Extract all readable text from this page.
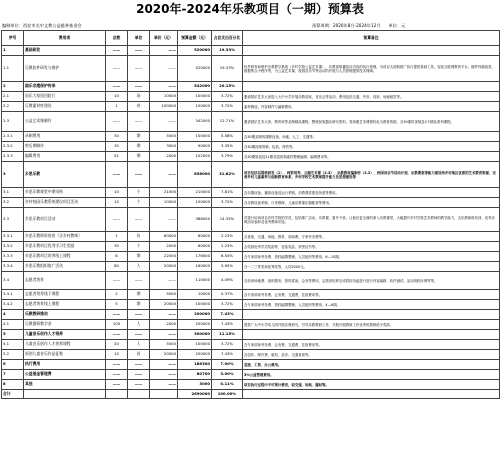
2020年-2024年乐教项目（一期）预算表
编制单位：西安市光中文教公益慈善基金会	预算周期：2020年8月-2024年12月 单位：元
序号	费用项	总数	单位	单价（元）	预算金额（元）	占总支出百分比	预算备注
1	基础研发	——	——	——	520000	19.33%	
1.1	乐教软件研发与维护	——	——	——	520000	19.33%	软件研发和维护乐教教学系统（乡村学校公益艺术课），乐教视频播放自内容的执行管理，为项目大面积推广执行提供基础工具，包括互联网教育平台、硬件终端改善，数据集合小程序等，为公益艺术课、校园音乐节等活动的开展与人员管理提供技术保障。
2	国乐非遗保护传承	——	——	——	542000	20.15%	
2.1	国乐大家找回院行	10	场	10000	100000	3.72%	邀请国乐艺术大家进入大中小学开展乐教讲座、音乐会等活动，费用包括交通、劳务、食宿、场地租赁等。
2.2	乐教素材库建设	1	项	100000	100000	3.72%	素材筛选、内容制作与编辑费用。
2.3	公益艺术课制作	——	——	——	342000	12.71%	邀请国乐艺术大家、教育家等录制精品课程，整理民族器乐研究资料，将高雅艺术课程转化为教育资源，含30课时视频及2个精品系列课程。
2.3.1	录制费用	30	期	5000	150000	5.58%	含30期录制的课程设备、场地、人工、交通等。
2.3.2	剪后期制作	30	期	3000	90000	3.35%	含30期视频剪辑、包装、特效等。
2.3.3	编辑费用	51	期	2000	102000	3.79%	含30期原创及21期非遗视频素材整理编辑、编辑费用等。
3	乡思乐教	——	——	——	856000	31.82%	项目包括以提供研发（1）、师资培养、云端艺术课（2.3）、乐教教材编制作（2.2）、校园音乐节活动计划，乐教课堂等能力建设给乡村地区优质的艺术教育资源，完善乡村儿童素养与创新教育体系，乡村学校艺术教师提升能力及思想建设等
3.1	乡思乐教课堂中期采购	10	个	21000	210000	7.81%	含乐器设备、播放设备及运行采购，乐教课堂建设所需等费用。
3.2	乡村校园乐教系统建设项目活动	10	个	10000	100000	3.72%	含乐教设备采购、日常维修，儿童乐教课乐器配套等费用。
3.3	乡思乐教项目活动	——	——	——	386000	14.35%	对进行培训项目乡村学校的学员，包括推广活动、乐教课、夏冬令营，让他们更全面的深入乐教课堂，大幅提升乡村学校艺术教师的教学能力，含乐教师资培训、优秀乐教活动表彰及优秀教师评选。
3.3.1	乡思乐教师资培育（含乡村教师）	1	份	60000	60000	2.23%	含食宿、交通、场地、教材、讲师费、专家劳务费等。
3.3.2	乡思乐教项目优秀学习生奖励	30	个	2000	60000	2.23%	含奖励优秀学员奖励等，包括奖品、荣誉证书等。
3.3.3	乡思乐教项目培养线上课程	8	期	22000	176000	6.54%	含专家讲师劳务费、资料编撰整理、人员组织等费用，6—10期。
3.3.4	乡思乐教组织推广活动	80	人	20000	160000	5.95%	分一二三等奖和优秀奖等，人均2000元。
3.4	志愿者培养	——	——	——	110000	4.09%	含培训场地费、组织服务、资料准备、会务等费用，志愿者培养完成将担负起进行进行内容编辑、软件测试、活动组织协调等等。
3.4.1	志愿者培养线下课程	2	期	5000	10000	0.37%	含专家讲师劳务费、会务费、交通费、住宿费用等。
3.4.2	志愿者培养线上课程	5	期	20000	100000	3.72%	含专家讲师劳务费、资料编撰整理、人员组织等费用，4—6期。
4	乐教教研推动	——	——	——	200000	7.43%	
4.1	乐教测资教学金	100	人	2000	200000	7.43%	提供广大中小学幼儿园开展乐教研究，引导乐教教研工作，开展开展教研工作优秀的教研给予奖励。
5	儿童音乐创作人才培养	——	——	——	300000	11.15%	
5.1	儿童音乐创作人才培养课程	20	人	5000	100000	3.72%	含专家讲师劳务费、会务费、交通费、住宿费用等。
5.2	原创儿童音乐作品征集	10	首	20000	200000	7.43%	含创作、制作费、版权、录音、交通食宿等。
6	执行费用	——	——	——	188300	7.00%	差旅、工资、办公费用。
7	公益基金管理费	——	——	——	80700	3.00%	3%公益管理费用。
8	其他	——	——	——	3000	0.11%	项目执行过程中不可预计费用，如交通、场地、器材等。
合计					2690000	100.00%	
